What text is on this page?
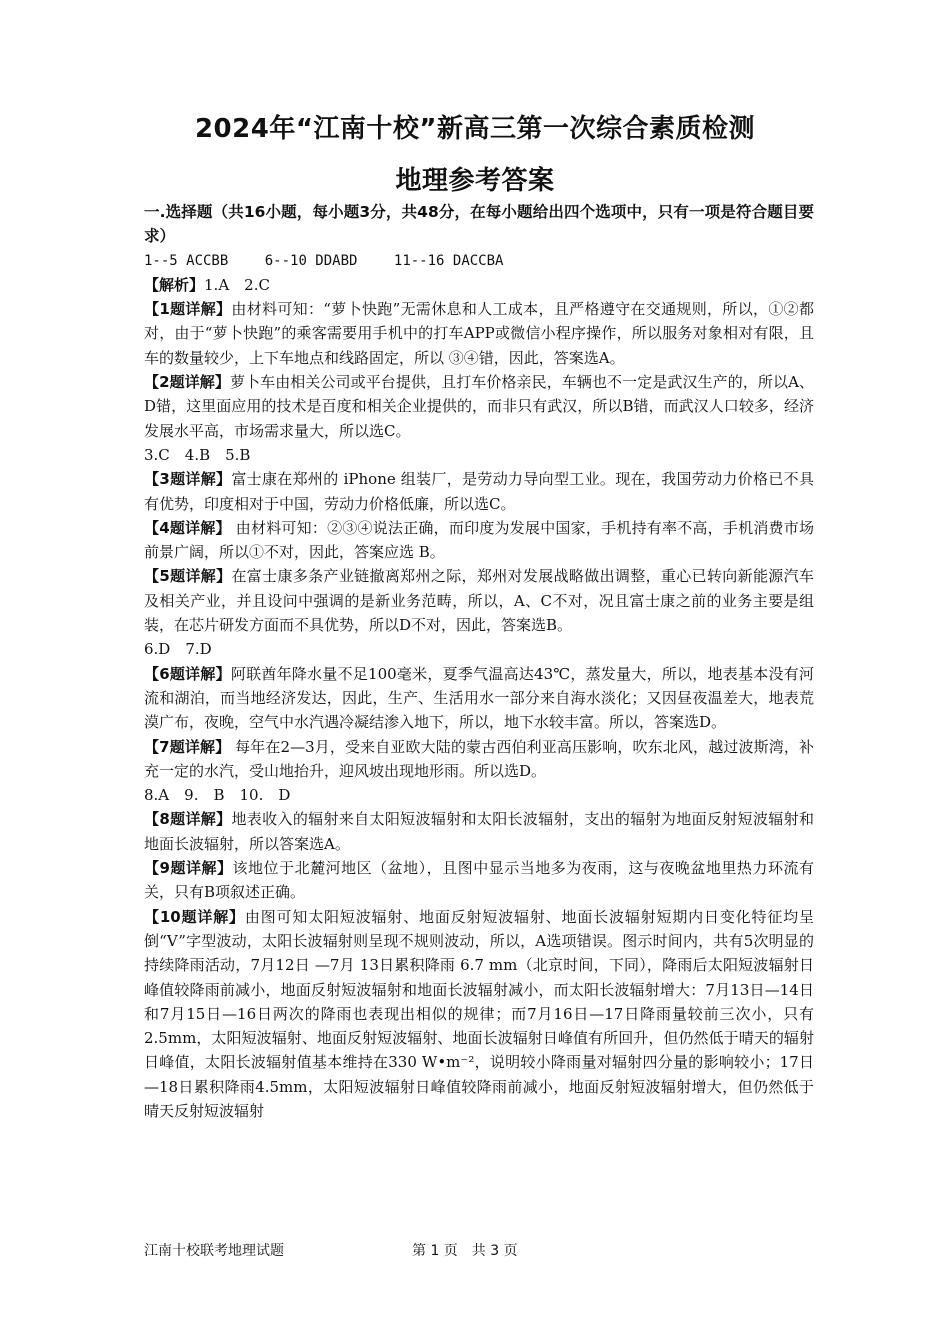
2024年“江南十校”新高三第一次综合素质检测
地理参考答案

一.选择题（共16小题，每小题3分，共48分，在每小题给出四个选项中，只有一项是符合题目要求）

1--5 ACCBB	6--10 DDABD	11--16 DACCBA

【解析】1.A　2.C

【1题详解】由材料可知：“萝卜快跑”无需休息和人工成本，且严格遵守在交通规则，所以，①②都对，由于“萝卜快跑”的乘客需要用手机中的打车APP或微信小程序操作，所以服务对象相对有限，且车的数量较少，上下车地点和线路固定，所以 ③④错，因此，答案选A。

【2题详解】萝卜车由相关公司或平台提供，且打车价格亲民，车辆也不一定是武汉生产的，所以A、D错，这里面应用的技术是百度和相关企业提供的，而非只有武汉，所以B错，而武汉人口较多，经济发展水平高，市场需求量大，所以选C。

3.C　4.B　5.B

【3题详解】富士康在郑州的 iPhone 组装厂，是劳动力导向型工业。现在，我国劳动力价格已不具有优势，印度相对于中国，劳动力价格低廉，所以选C。

【4题详解】 由材料可知：②③④说法正确，而印度为发展中国家，手机持有率不高，手机消费市场前景广阔，所以①不对，因此，答案应选 B。

【5题详解】在富士康多条产业链撤离郑州之际，郑州对发展战略做出调整，重心已转向新能源汽车及相关产业，并且设问中强调的是新业务范畴，所以，A、C不对，况且富士康之前的业务主要是组装，在芯片研发方面而不具优势，所以D不对，因此，答案选B。

6.D　7.D

【6题详解】阿联酋年降水量不足100毫米，夏季气温高达43℃，蒸发量大，所以，地表基本没有河流和湖泊，而当地经济发达，因此，生产、生活用水一部分来自海水淡化；又因昼夜温差大，地表荒漠广布，夜晚，空气中水汽遇冷凝结渗入地下，所以，地下水较丰富。所以，答案选D。

【7题详解】 每年在2—3月，受来自亚欧大陆的蒙古西伯利亚高压影响，吹东北风，越过波斯湾，补充一定的水汽，受山地抬升，迎风坡出现地形雨。所以选D。

8.A　9.　B　10.　D

【8题详解】地表收入的辐射来自太阳短波辐射和太阳长波辐射，支出的辐射为地面反射短波辐射和地面长波辐射，所以答案选A。

【9题详解】该地位于北麓河地区（盆地），且图中显示当地多为夜雨，这与夜晚盆地里热力环流有关，只有B项叙述正确。

【10题详解】由图可知太阳短波辐射、地面反射短波辐射、地面长波辐射短期内日变化特征均呈倒“V”字型波动，太阳长波辐射则呈现不规则波动，所以，A选项错误。图示时间内，共有5次明显的持续降雨活动，7月12日 —7月 13日累积降雨 6.7 mm（北京时间，下同），降雨后太阳短波辐射日峰值较降雨前减小，地面反射短波辐射和地面长波辐射减小，而太阳长波辐射增大：7月13日—14日和7月15日—16日两次的降雨也表现出相似的规律；而7月16日—17日降雨量较前三次小，只有2.5mm，太阳短波辐射、地面反射短波辐射、地面长波辐射日峰值有所回升，但仍然低于晴天的辐射日峰值，太阳长波辐射值基本维持在330 W•m⁻²，说明较小降雨量对辐射四分量的影响较小；17日—18日累积降雨4.5mm，太阳短波辐射日峰值较降雨前减小，地面反射短波辐射增大，但仍然低于晴天反射短波辐射

江南十校联考地理试题	第 1 页　共 3 页
